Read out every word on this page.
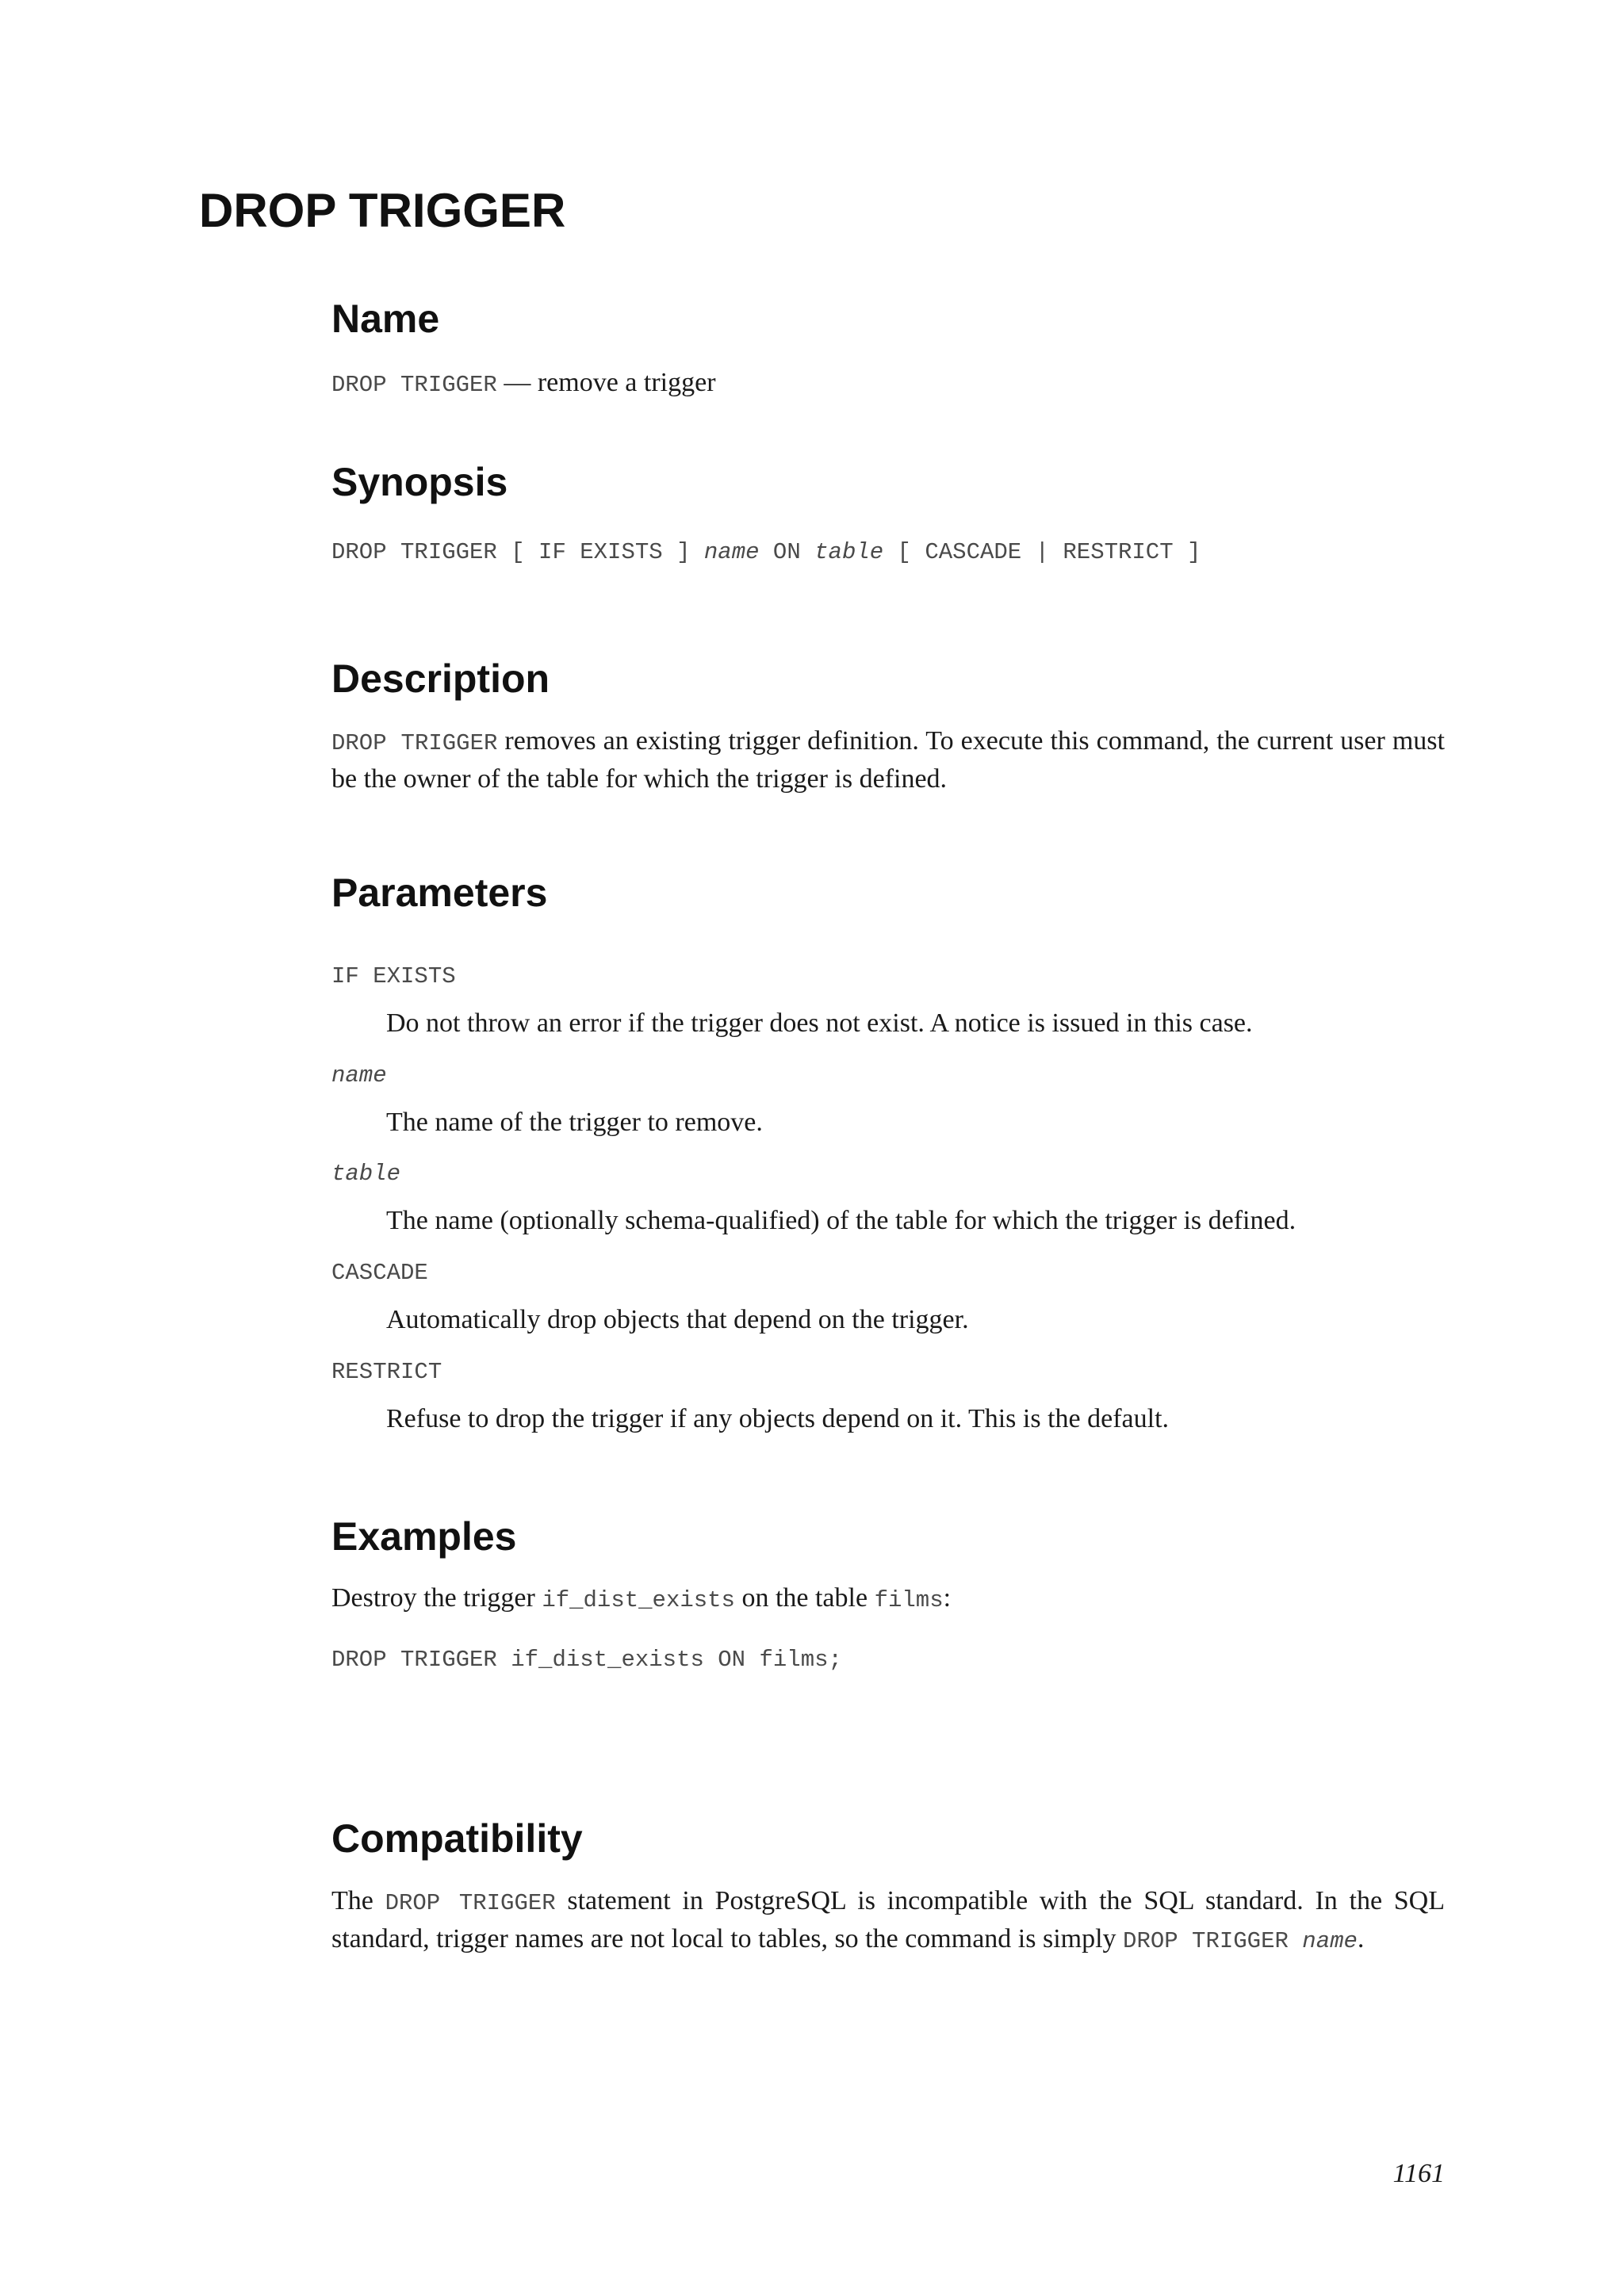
DROP TRIGGER
Name
DROP TRIGGER — remove a trigger
Synopsis
DROP TRIGGER [ IF EXISTS ] name ON table [ CASCADE | RESTRICT ]
Description

DROP TRIGGER removes an existing trigger definition. To execute this command, the current user must be the owner of the table for which the trigger is defined.

Parameters
IF EXISTS
Do not throw an error if the trigger does not exist. A notice is issued in this case.
name
The name of the trigger to remove.
table
The name (optionally schema-qualified) of the table for which the trigger is defined.
CASCADE
Automatically drop objects that depend on the trigger.
RESTRICT
Refuse to drop the trigger if any objects depend on it. This is the default.
Examples
Destroy the trigger if_dist_exists on the table films:
DROP TRIGGER if_dist_exists ON films;
Compatibility

The DROP TRIGGER statement in PostgreSQL is incompatible with the SQL standard. In the SQL standard, trigger names are not local to tables, so the command is simply DROP TRIGGER name.

1161
